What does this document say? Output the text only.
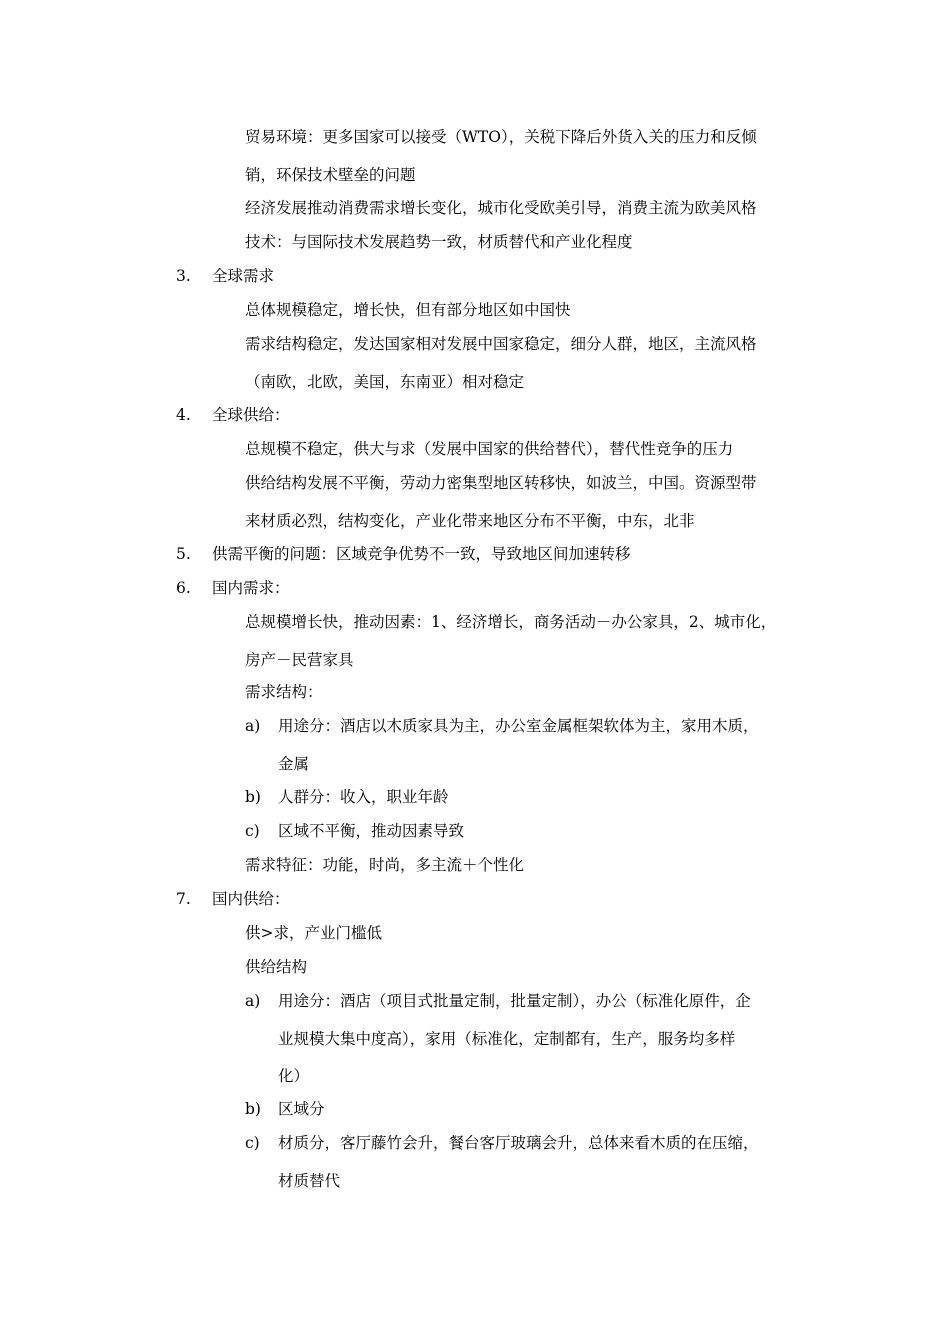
贸易环境：更多国家可以接受（WTO），关税下降后外货入关的压力和反倾
销，环保技术壁垒的问题
经济发展推动消费需求增长变化，城市化受欧美引导，消费主流为欧美风格
技术：与国际技术发展趋势一致，材质替代和产业化程度
3. 全球需求
总体规模稳定，增长快，但有部分地区如中国快
需求结构稳定，发达国家相对发展中国家稳定，细分人群，地区，主流风格
（南欧，北欧，美国，东南亚）相对稳定
4. 全球供给：
总规模不稳定，供大与求（发展中国家的供给替代），替代性竞争的压力
供给结构发展不平衡，劳动力密集型地区转移快，如波兰，中国。资源型带
来材质必烈，结构变化，产业化带来地区分布不平衡，中东，北非
5. 供需平衡的问题：区域竞争优势不一致，导致地区间加速转移
6. 国内需求：
总规模增长快，推动因素：1、经济增长，商务活动－办公家具，2、城市化，
房产－民营家具
需求结构：
a) 用途分：酒店以木质家具为主，办公室金属框架软体为主，家用木质，
金属
b) 人群分：收入，职业年龄
c) 区域不平衡，推动因素导致
需求特征：功能，时尚，多主流＋个性化
7. 国内供给：
供>求，产业门槛低
供给结构
a) 用途分：酒店（项目式批量定制，批量定制），办公（标准化原件，企
业规模大集中度高），家用（标准化，定制都有，生产，服务均多样
化）
b) 区域分
c) 材质分，客厅藤竹会升，餐台客厅玻璃会升，总体来看木质的在压缩，
材质替代
